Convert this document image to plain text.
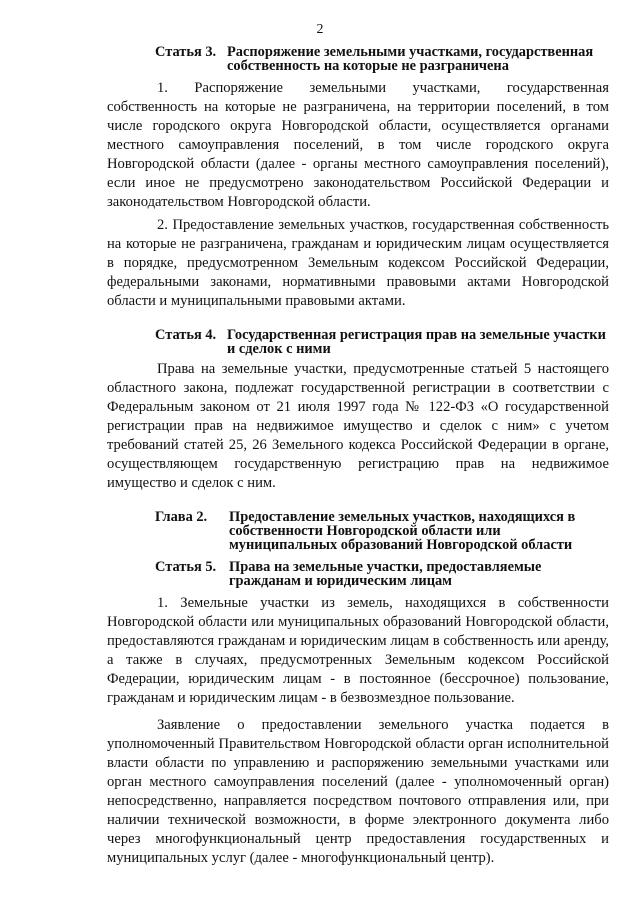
2
Статья 3. Распоряжение земельными участками, государственная собственность на которые не разграничена

1. Распоряжение земельными участками, государственная собственность на которые не разграничена, на территории поселений, в том числе городского округа Новгородской области, осуществляется органами местного самоуправления поселений, в том числе городского округа Новгородской области (далее - органы местного самоуправления поселений), если иное не предусмотрено законодательством Российской Федерации и законодательством Новгородской области.

2. Предоставление земельных участков, государственная собственность на которые не разграничена, гражданам и юридическим лицам осуществляется в порядке, предусмотренном Земельным кодексом Российской Федерации, федеральными законами, нормативными правовыми актами Новгородской области и муниципальными правовыми актами.

Статья 4. Государственная регистрация прав на земельные участки и сделок с ними

Права на земельные участки, предусмотренные статьей 5 настоящего областного закона, подлежат государственной регистрации в соответствии с Федеральным законом от 21 июля 1997 года № 122-ФЗ «О государственной регистрации прав на недвижимое имущество и сделок с ним» с учетом требований статей 25, 26 Земельного кодекса Российской Федерации в органе, осуществляющем государственную регистрацию прав на недвижимое имущество и сделок с ним.

Глава 2.	Предоставление земельных участков, находящихся в собственности Новгородской области или муниципальных образований Новгородской области
Статья 5. Права на земельные участки, предоставляемые гражданам и юридическим лицам

1. Земельные участки из земель, находящихся в собственности Новгородской области или муниципальных образований Новгородской области, предоставляются гражданам и юридическим лицам в собственность или аренду, а также в случаях, предусмотренных Земельным кодексом Российской Федерации, юридическим лицам - в постоянное (бессрочное) пользование, гражданам и юридическим лицам - в безвозмездное пользование.

Заявление о предоставлении земельного участка подается в уполномоченный Правительством Новгородской области орган исполнительной власти области по управлению и распоряжению земельными участками или орган местного самоуправления поселений (далее - уполномоченный орган) непосредственно, направляется посредством почтового отправления или, при наличии технической возможности, в форме электронного документа либо через многофункциональный центр предоставления государственных и муниципальных услуг (далее - многофункциональный центр).
